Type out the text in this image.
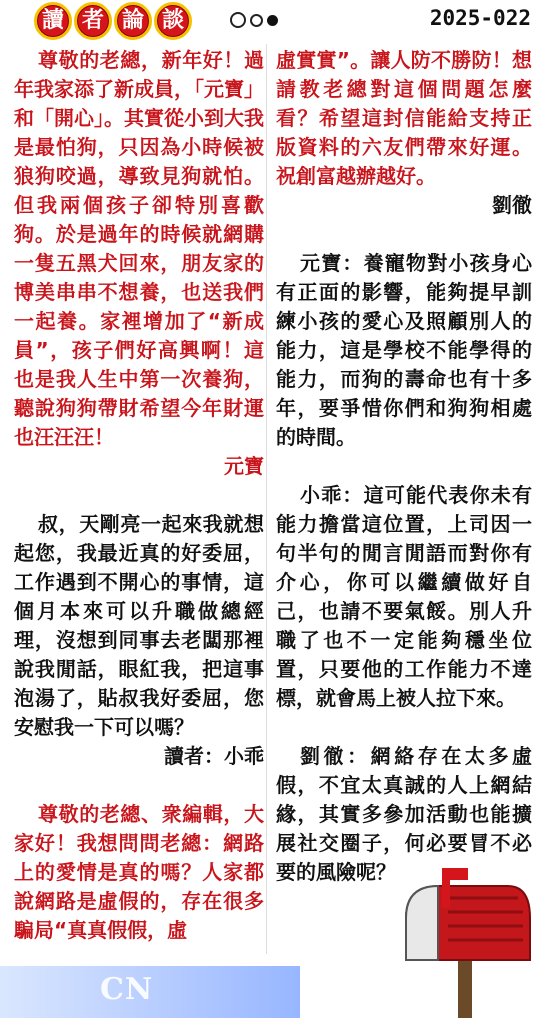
讀 者 論 談	2025-022

尊敬的老總，新年好！過年我家添了新成員，「元寶」和「開心」。其實從小到大我是最怕狗，只因為小時候被狼狗咬過，導致見狗就怕。但我兩個孩子卻特別喜歡狗。於是過年的時候就網購一隻五黑犬回來，朋友家的博美串串不想養，也送我們一起養。家裡增加了“新成員”，孩子們好高興啊！這也是我人生中第一次養狗，聽說狗狗帶財希望今年財運也汪汪汪！

元寶

叔，天剛亮一起來我就想起您，我最近真的好委屈，工作遇到不開心的事情，這個月本來可以升職做總經理，沒想到同事去老闆那裡說我閒話，眼紅我，把這事泡湯了，貼叔我好委屈，您安慰我一下可以嗎？

讀者：小乖

尊敬的老總、衆編輯，大家好！我想問問老總：網路上的愛情是真的嗎？人家都說網路是虛假的，存在很多騙局“真真假假，虛

虛實實”。讓人防不勝防！想請教老總對這個問題怎麼看？希望這封信能給支持正版資料的六友們帶來好運。祝創富越辦越好。

劉徹

元寶：養寵物對小孩身心有正面的影響，能夠提早訓練小孩的愛心及照顧別人的能力，這是學校不能學得的能力，而狗的壽命也有十多年，要爭惜你們和狗狗相處的時間。

小乖：這可能代表你未有能力擔當這位置，上司因一句半句的閒言閒語而對你有介心，你可以繼續做好自己，也請不要氣餒。別人升職了也不一定能夠穩坐位置，只要他的工作能力不達標，就會馬上被人拉下來。

劉徹：網絡存在太多虛假，不宜太真誠的人上網結緣，其實多參加活動也能擴展社交圈子，何必要冒不必要的風險呢？

CN
